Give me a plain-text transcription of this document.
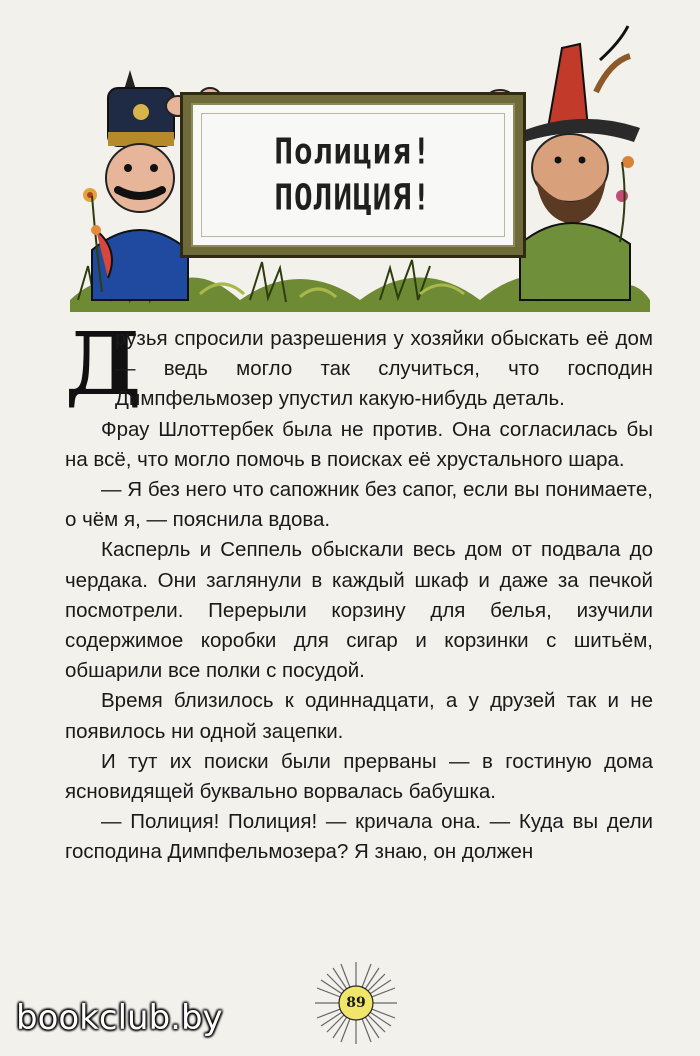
Полиция!
ПОЛИЦИЯ!

Д
рузья спросили разрешения у хозяйки обыскать её дом — ведь могло так случиться, что господин Димпфельмозер упустил какую-нибудь деталь.

Фрау Шлоттербек была не против. Она согласилась бы на всё, что могло помочь в поисках её хрустального шара.

— Я без него что сапожник без сапог, если вы понимаете, о чём я, — пояснила вдова.

Касперль и Сеппель обыскали весь дом от подвала до чердака. Они заглянули в каждый шкаф и даже за печкой посмотрели. Перерыли корзину для белья, изучили содержимое коробки для сигар и корзинки с шитьём, обшарили все полки с посудой.

Время близилось к одиннадцати, а у друзей так и не появилось ни одной зацепки.

И тут их поиски были прерваны — в гостиную дома ясновидящей буквально ворвалась бабушка.

— Полиция! Полиция! — кричала она. — Куда вы дели господина Димпфельмозера? Я знаю, он должен

89
bookclub.by
